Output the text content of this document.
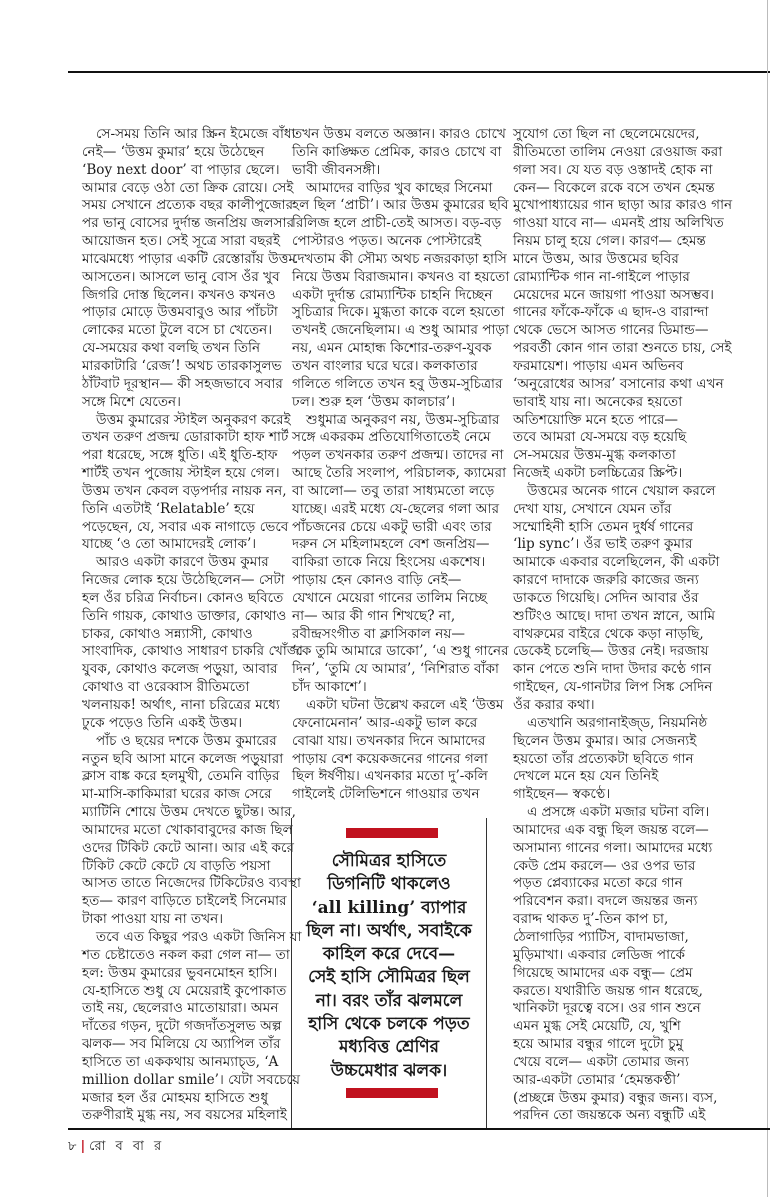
সে-সময় তিনি আর স্ক্রিন ইমেজে বাঁধা
নেই— ‘উত্তম কুমার’ হয়ে উঠেছেন
‘Boy next door’ বা পাড়ার ছেলে।
আমার বেড়ে ওঠা তো ক্রিক রোয়ে। সেই
সময় সেখানে প্রত্যেক বছর কালীপুজোর
পর ভানু বোসের দুর্দান্ত জনপ্রিয় জলসার
আয়োজন হত। সেই সূত্রে সারা বছরই
মাঝেমধ্যে পাড়ার একটি রেস্তোরাঁয় উত্তম
আসতেন। আসলে ভানু বোস ওঁর খুব
জিগরি দোস্ত ছিলেন। কখনও কখনও
পাড়ার মোড়ে উত্তমবাবুও আর পাঁচটা
লোকের মতো টুলে বসে চা খেতেন।
যে-সময়ের কথা বলছি তখন তিনি
মারকাটারি ‘রেজ’! অথচ তারকাসুলভ
ঠাঁটবাট দূরস্থান— কী সহজভাবে সবার
সঙ্গে মিশে যেতেন।
উত্তম কুমারের স্টাইল অনুকরণ করেই
তখন তরুণ প্রজন্ম ডোরাকাটা হাফ শার্ট
পরা ধরেছে, সঙ্গে ধুতি। এই ধুতি-হাফ
শার্টই তখন পুজোয় স্টাইল হয়ে গেল।
উত্তম তখন কেবল বড়পর্দার নায়ক নন,
তিনি এতটাই ‘Relatable’ হয়ে
পড়েছেন, যে, সবার এক নাগাড়ে ভেবে
যাচ্ছে ‘ও তো আমাদেরই লোক’।
আরও একটা কারণে উত্তম কুমার
নিজের লোক হয়ে উঠেছিলেন— সেটা
হল ওঁর চরিত্র নির্বাচন। কোনও ছবিতে
তিনি গায়ক, কোথাও ডাক্তার, কোথাও
চাকর, কোথাও সন্ন্যাসী, কোথাও
সাংবাদিক, কোথাও সাধারণ চাকরি খোঁজা
যুবক, কোথাও কলেজ পড়ুয়া, আবার
কোথাও বা ওরেব্বাস রীতিমতো
খলনায়ক! অর্থাৎ, নানা চরিত্রের মধ্যে
ঢুকে পড়েও তিনি একই উত্তম।
পাঁচ ও ছয়ের দশকে উত্তম কুমারের
নতুন ছবি আসা মানে কলেজ পড়ুয়ারা
ক্লাস বাঙ্ক করে হলমুখী, তেমনি বাড়ির
মা-মাসি-কাকিমারা ঘরের কাজ সেরে
ম্যাটিনি শোয়ে উত্তম দেখতে ছুটন্ত। আর,
আমাদের মতো খোকাবাবুদের কাজ ছিল
ওদের টিকিট কেটে আনা। আর এই করে
টিকিট কেটে কেটে যে বাড়তি পয়সা
আসত তাতে নিজেদের টিকিটেরও ব্যবস্থা
হত— কারণ বাড়িতে চাইলেই সিনেমার
টাকা পাওয়া যায় না তখন।
তবে এত কিছুর পরও একটা জিনিস যা
শত চেষ্টাতেও নকল করা গেল না— তা
হল: উত্তম কুমারের ভুবনমোহন হাসি।
যে-হাসিতে শুধু যে মেয়েরাই কুপোকাত
তাই নয়, ছেলেরাও মাতোয়ারা। অমন
দাঁতের গড়ন, দুটো গজদাঁতসুলভ অল্প
ঝলক— সব মিলিয়ে যে অ্যাপিল তাঁর
হাসিতে তা এককথায় আনম্যাচ্‌ড, ‘A
million dollar smile’। যেটা সবচেয়ে
মজার হল ওঁর মোহময় হাসিতে শুধু
তরুণীরাই মুগ্ধ নয়, সব বয়সের মহিলাই
তখন উত্তম বলতে অজ্ঞান। কারও চোখে
তিনি কাঙ্ক্ষিত প্রেমিক, কারও চোখে বা
ভাবী জীবনসঙ্গী।
আমাদের বাড়ির খুব কাছের সিনেমা
হল ছিল ‘প্রাচী’। আর উত্তম কুমারের ছবি
রিলিজ হলে প্রাচী-তেই আসত। বড়-বড়
পোস্টারও পড়ত। অনেক পোস্টারেই
দেখতাম কী সৌম্য অথচ নজরকাড়া হাসি
নিয়ে উত্তম বিরাজমান। কখনও বা হয়তো
একটা দুর্দান্ত রোম্যান্টিক চাহনি দিচ্ছেন
সুচিত্রার দিকে। মুগ্ধতা কাকে বলে হয়তো
তখনই জেনেছিলাম। এ শুধু আমার পাড়া
নয়, এমন মোহান্ধ কিশোর-তরুণ-যুবক
তখন বাংলার ঘরে ঘরে। কলকাতার
গলিতে গলিতে তখন হবু উত্তম-সুচিত্রার
ঢল। শুরু হল ‘উত্তম কালচার’।
শুধুমাত্র অনুকরণ নয়, উত্তম-সুচিত্রার
সঙ্গে একরকম প্রতিযোগিতাতেই নেমে
পড়ল তখনকার তরুণ প্রজন্ম। তাদের না
আছে তৈরি সংলাপ, পরিচালক, ক্যামেরা
বা আলো— তবু তারা সাধ্যমতো লড়ে
যাচ্ছে। এরই মধ্যে যে-ছেলের গলা আর
পাঁচজনের চেয়ে একটু ভারী এবং তার
দরুন সে মহিলামহলে বেশ জনপ্রিয়—
বাকিরা তাকে নিয়ে হিংসেয় একশেষ।
পাড়ায় হেন কোনও বাড়ি নেই—
যেখানে মেয়েরা গানের তালিম নিচ্ছে
না— আর কী গান শিখছে? না,
রবীন্দ্রসংগীত বা ক্লাসিকাল নয়—
‘কে তুমি আমারে ডাকো’, ‘এ শুধু গানের
দিন’, ‘তুমি যে আমার’, ‘নিশিরাত বাঁকা
চাঁদ আকাশে’।
একটা ঘটনা উল্লেখ করলে এই ‘উত্তম
ফেনোমেনান’ আর-একটু ভাল করে
বোঝা যায়। তখনকার দিনে আমাদের
পাড়ায় বেশ কয়েকজনের গানের গলা
ছিল ঈর্ষণীয়। এখনকার মতো দু’-কলি
গাইলেই টেলিভিশনে গাওয়ার তখন
সুযোগ তো ছিল না ছেলেমেয়েদের,
রীতিমতো তালিম নেওয়া রেওয়াজ করা
গলা সব। যে যত বড় ওস্তাদই হোক না
কেন— বিকেলে রকে বসে তখন হেমন্ত
মুখোপাধ্যায়ের গান ছাড়া আর কারও গান
গাওয়া যাবে না— এমনই প্রায় অলিখিত
নিয়ম চালু হয়ে গেল। কারণ— হেমন্ত
মানে উত্তম, আর উত্তমের ছবির
রোম্যান্টিক গান না-গাইলে পাড়ার
মেয়েদের মনে জায়গা পাওয়া অসম্ভব।
গানের ফাঁকে-ফাঁকে এ ছাদ-ও বারান্দা
থেকে ভেসে আসত গানের ডিমান্ড—
পরবর্তী কোন গান তারা শুনতে চায়, সেই
ফরমায়েশ। পাড়ায় এমন অভিনব
‘অনুরোধের আসর’ বসানোর কথা এখন
ভাবাই যায় না। অনেকের হয়তো
অতিশয়োক্তি মনে হতে পারে—
তবে আমরা যে-সময়ে বড় হয়েছি
সে-সময়ের উত্তম-মুগ্ধ কলকাতা
নিজেই একটা চলচ্চিত্রের স্ক্রিপ্ট।
উত্তমের অনেক গানে খেয়াল করলে
দেখা যায়, সেখানে যেমন তাঁর
সম্মোহিনী হাসি তেমন দুর্ধর্ষ গানের
‘lip sync’। ওঁর ভাই তরুণ কুমার
আমাকে একবার বলেছিলেন, কী একটা
কারণে দাদাকে জরুরি কাজের জন্য
ডাকতে গিয়েছি। সেদিন আবার ওঁর
শুটিংও আছে। দাদা তখন স্নানে, আমি
বাথরুমের বাইরে থেকে কড়া নাড়ছি,
ডেকেই চলেছি— উত্তর নেই। দরজায়
কান পেতে শুনি দাদা উদার কণ্ঠে গান
গাইছেন, যে-গানটার লিপ সিঙ্ক সেদিন
ওঁর করার কথা।
এতখানি অরগানাইজ্‌ড, নিয়মনিষ্ঠ
ছিলেন উত্তম কুমার। আর সেজন্যই
হয়তো তাঁর প্রত্যেকটা ছবিতে গান
দেখলে মনে হয় যেন তিনিই
গাইছেন— স্বকণ্ঠে।
এ প্রসঙ্গে একটা মজার ঘটনা বলি।
আমাদের এক বন্ধু ছিল জয়ন্ত বলে—
অসামান্য গানের গলা। আমাদের মধ্যে
কেউ প্রেম করলে— ওর ওপর ভার
পড়ত প্লেব্যাকের মতো করে গান
পরিবেশন করা। বদলে জয়ন্তর জন্য
বরাদ্দ থাকত দু’-তিন কাপ চা,
ঠেলাগাড়ির প্যাটিস, বাদামভাজা,
মুড়িমাখা। একবার লেডিজ পার্কে
গিয়েছে আমাদের এক বন্ধু— প্রেম
করতে। যথারীতি জয়ন্ত গান ধরেছে,
খানিকটা দূরত্বে বসে। ওর গান শুনে
এমন মুগ্ধ সেই মেয়েটি, যে, খুশি
হয়ে আমার বন্ধুর গালে দুটো চুমু
খেয়ে বলে— একটা তোমার জন্য
আর-একটা তোমার ‘হেমন্তকণ্ঠী’
(প্রচ্ছন্নে উত্তম কুমার) বন্ধুর জন্য। ব্যস,
পরদিন তো জয়ন্তকে অন্য বন্ধুটি এই
সৌমিত্রর হাসিতে
ডিগনিটি থাকলেও
‘all killing’ ব্যাপার
ছিল না। অর্থাৎ, সবাইকে
কাহিল করে দেবে—
সেই হাসি সৌমিত্রর ছিল
না। বরং তাঁর ঝলমলে
হাসি থেকে চলকে পড়ত
মধ্যবিত্ত শ্রেণির
উচ্চমেধার ঝলক।
৮ | রো ব বা র
